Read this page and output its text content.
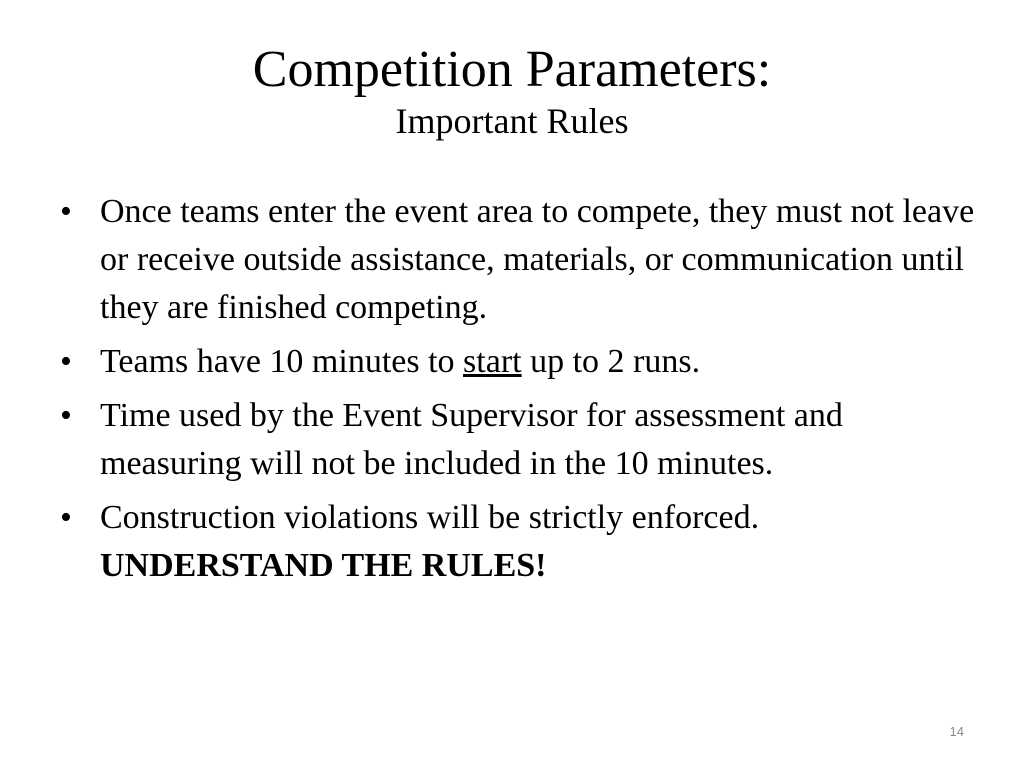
Competition Parameters:
Important Rules
• Once teams enter the event area to compete, they must not leave or receive outside assistance, materials, or communication until they are finished competing.
• Teams have 10 minutes to start up to 2 runs.
• Time used by the Event Supervisor for assessment and measuring will not be included in the 10 minutes.
• Construction violations will be strictly enforced.
UNDERSTAND THE RULES!
14
